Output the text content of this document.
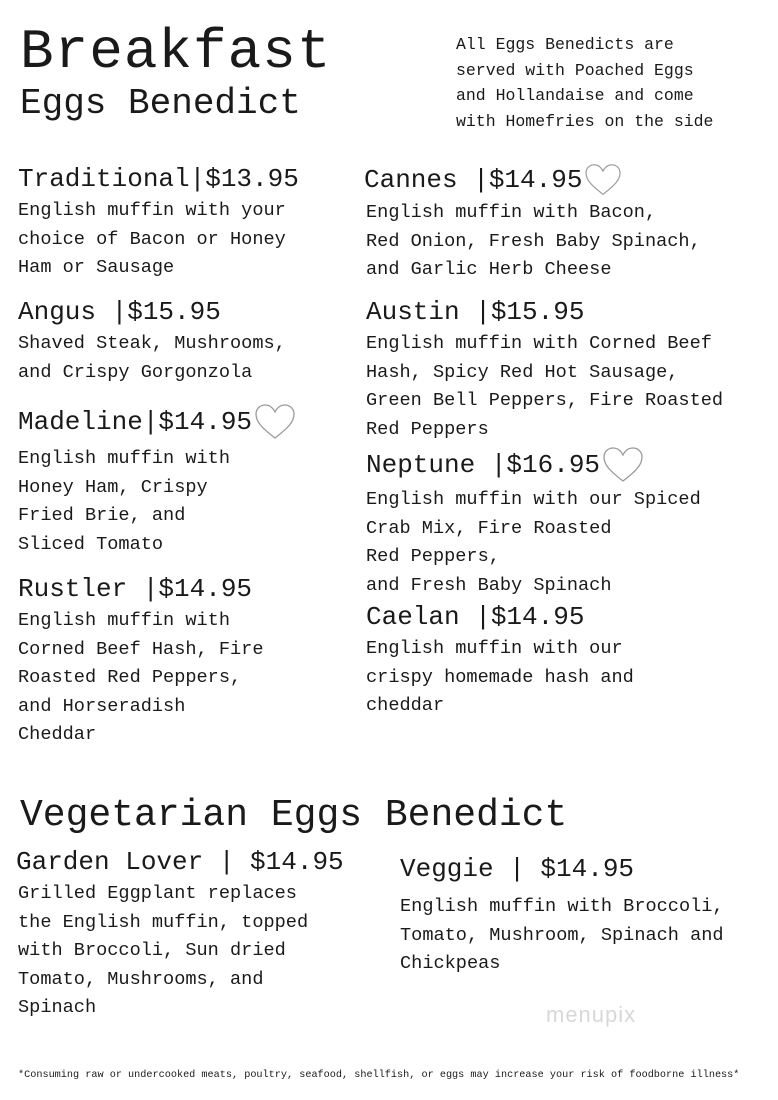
Breakfast
Eggs Benedict
All Eggs Benedicts are
served with Poached Eggs
and Hollandaise and come
with Homefries on the side
Traditional|$13.95
English muffin with your
choice of Bacon or Honey
Ham or Sausage
Angus |$15.95
Shaved Steak, Mushrooms,
and Crispy Gorgonzola
Madeline|$14.95
English muffin with
Honey Ham, Crispy
Fried Brie, and
Sliced Tomato
Rustler |$14.95
English muffin with
Corned Beef Hash, Fire
Roasted Red Peppers,
and Horseradish
Cheddar
Cannes |$14.95
English muffin with Bacon,
Red Onion, Fresh Baby Spinach,
and Garlic Herb Cheese
Austin |$15.95
English muffin with Corned Beef
Hash, Spicy Red Hot Sausage,
Green Bell Peppers, Fire Roasted
Red Peppers
Neptune |$16.95
English muffin with our Spiced
Crab Mix, Fire Roasted
Red Peppers,
and Fresh Baby Spinach
Caelan |$14.95
English muffin with our
crispy homemade hash and
cheddar
Vegetarian Eggs Benedict
Garden Lover | $14.95
Grilled Eggplant replaces
the English muffin, topped
with Broccoli, Sun dried
Tomato, Mushrooms, and
Spinach
Veggie | $14.95
English muffin with Broccoli,
Tomato, Mushroom, Spinach and
Chickpeas
menupix
*Consuming raw or undercooked meats, poultry, seafood, shellfish, or eggs may increase your risk of foodborne illness*
